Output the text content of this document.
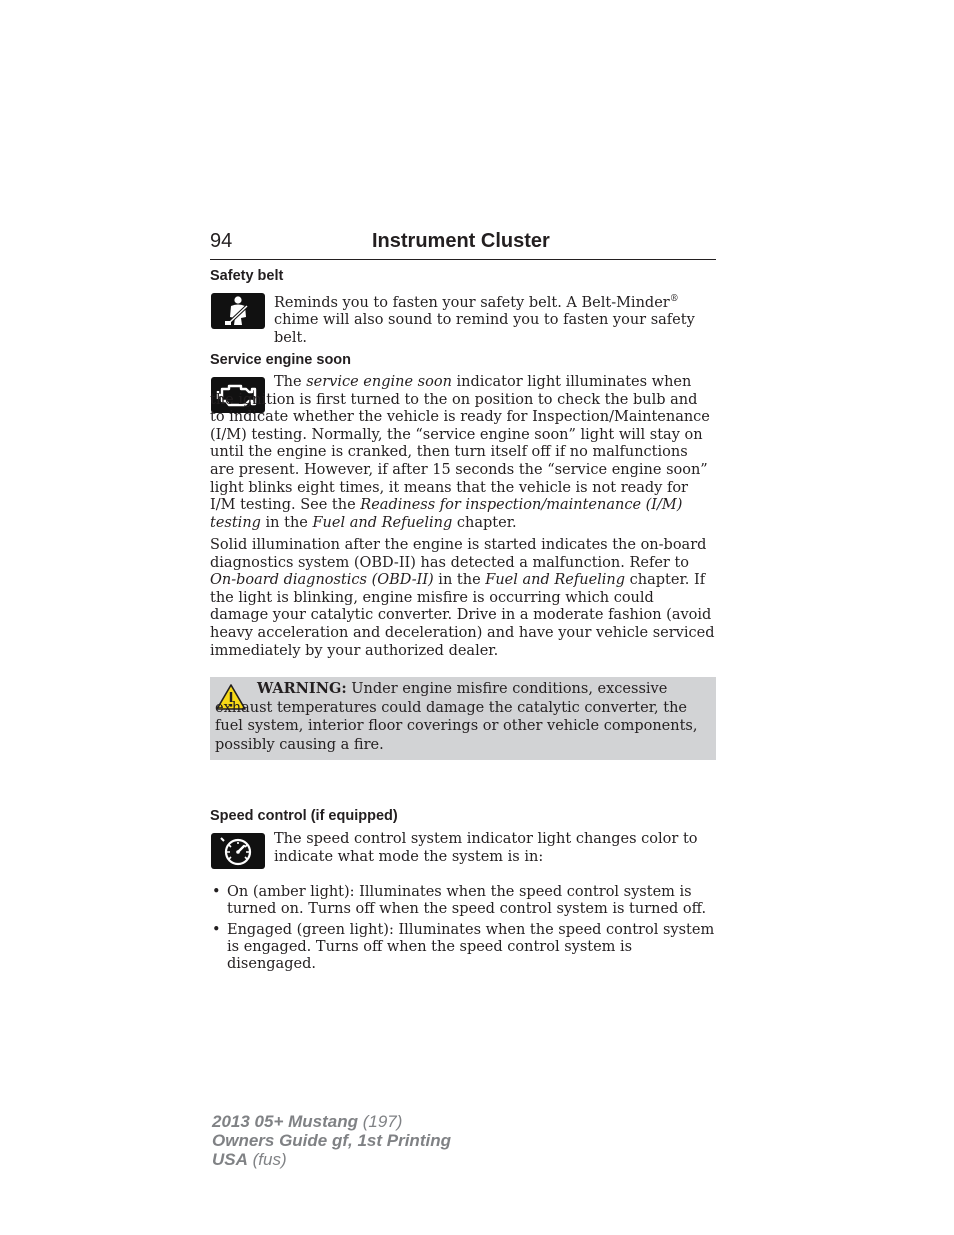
94	Instrument Cluster
Safety belt

Reminds you to fasten your safety belt. A Belt-Minder® chime will also sound to remind you to fasten your safety belt.

Service engine soon

The service engine soon indicator light illuminates when the ignition is first turned to the on position to check the bulb and to indicate whether the vehicle is ready for Inspection/Maintenance (I/M) testing. Normally, the “service engine soon” light will stay on until the engine is cranked, then turn itself off if no malfunctions are present. However, if after 15 seconds the “service engine soon” light blinks eight times, it means that the vehicle is not ready for I/M testing. See the Readiness for inspection/maintenance (I/M) testing in the Fuel and Refueling chapter.

Solid illumination after the engine is started indicates the on-board diagnostics system (OBD-II) has detected a malfunction. Refer to On-board diagnostics (OBD-II) in the Fuel and Refueling chapter. If the light is blinking, engine misfire is occurring which could damage your catalytic converter. Drive in a moderate fashion (avoid heavy acceleration and deceleration) and have your vehicle serviced immediately by your authorized dealer.

WARNING: Under engine misfire conditions, excessive exhaust temperatures could damage the catalytic converter, the fuel system, interior floor coverings or other vehicle components, possibly causing a fire.

Speed control (if equipped)

The speed control system indicator light changes color to indicate what mode the system is in:

• On (amber light): Illuminates when the speed control system is turned on. Turns off when the speed control system is turned off.
• Engaged (green light): Illuminates when the speed control system is engaged. Turns off when the speed control system is disengaged.
2013 05+ Mustang (197)
Owners Guide gf, 1st Printing
USA (fus)
